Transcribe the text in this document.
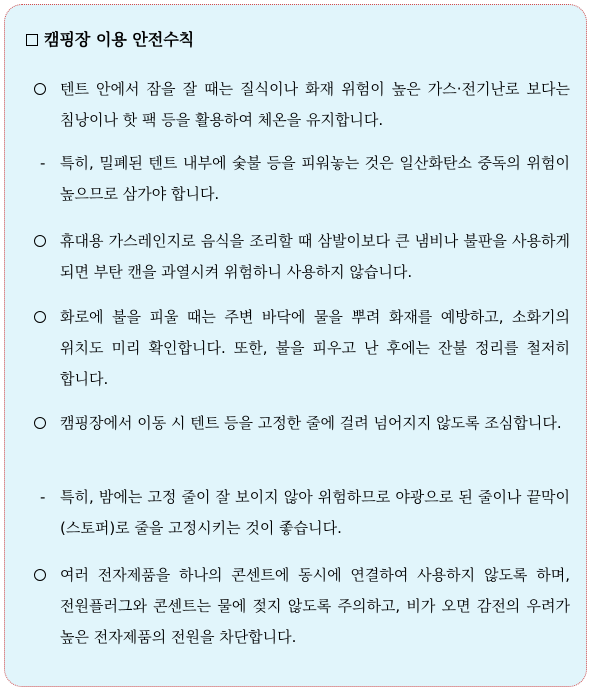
캠핑장 이용 안전수칙
텐트 안에서 잠을 잘 때는 질식이나 화재 위험이 높은 가스·전기난로 보다는 침낭이나 핫 팩 등을 활용하여 체온을 유지합니다.
- 특히, 밀폐된 텐트 내부에 숯불 등을 피워놓는 것은 일산화탄소 중독의 위험이 높으므로 삼가야 합니다.
휴대용 가스레인지로 음식을 조리할 때 삼발이보다 큰 냄비나 불판을 사용하게 되면 부탄 캔을 과열시켜 위험하니 사용하지 않습니다.
화로에 불을 피울 때는 주변 바닥에 물을 뿌려 화재를 예방하고, 소화기의 위치도 미리 확인합니다. 또한, 불을 피우고 난 후에는 잔불 정리를 철저히 합니다.
캠핑장에서 이동 시 텐트 등을 고정한 줄에 걸려 넘어지지 않도록 조심합니다.
- 특히, 밤에는 고정 줄이 잘 보이지 않아 위험하므로 야광으로 된 줄이나 끝막이(스토퍼)로 줄을 고정시키는 것이 좋습니다.
여러 전자제품을 하나의 콘센트에 동시에 연결하여 사용하지 않도록 하며, 전원플러그와 콘센트는 물에 젖지 않도록 주의하고, 비가 오면 감전의 우려가 높은 전자제품의 전원을 차단합니다.
